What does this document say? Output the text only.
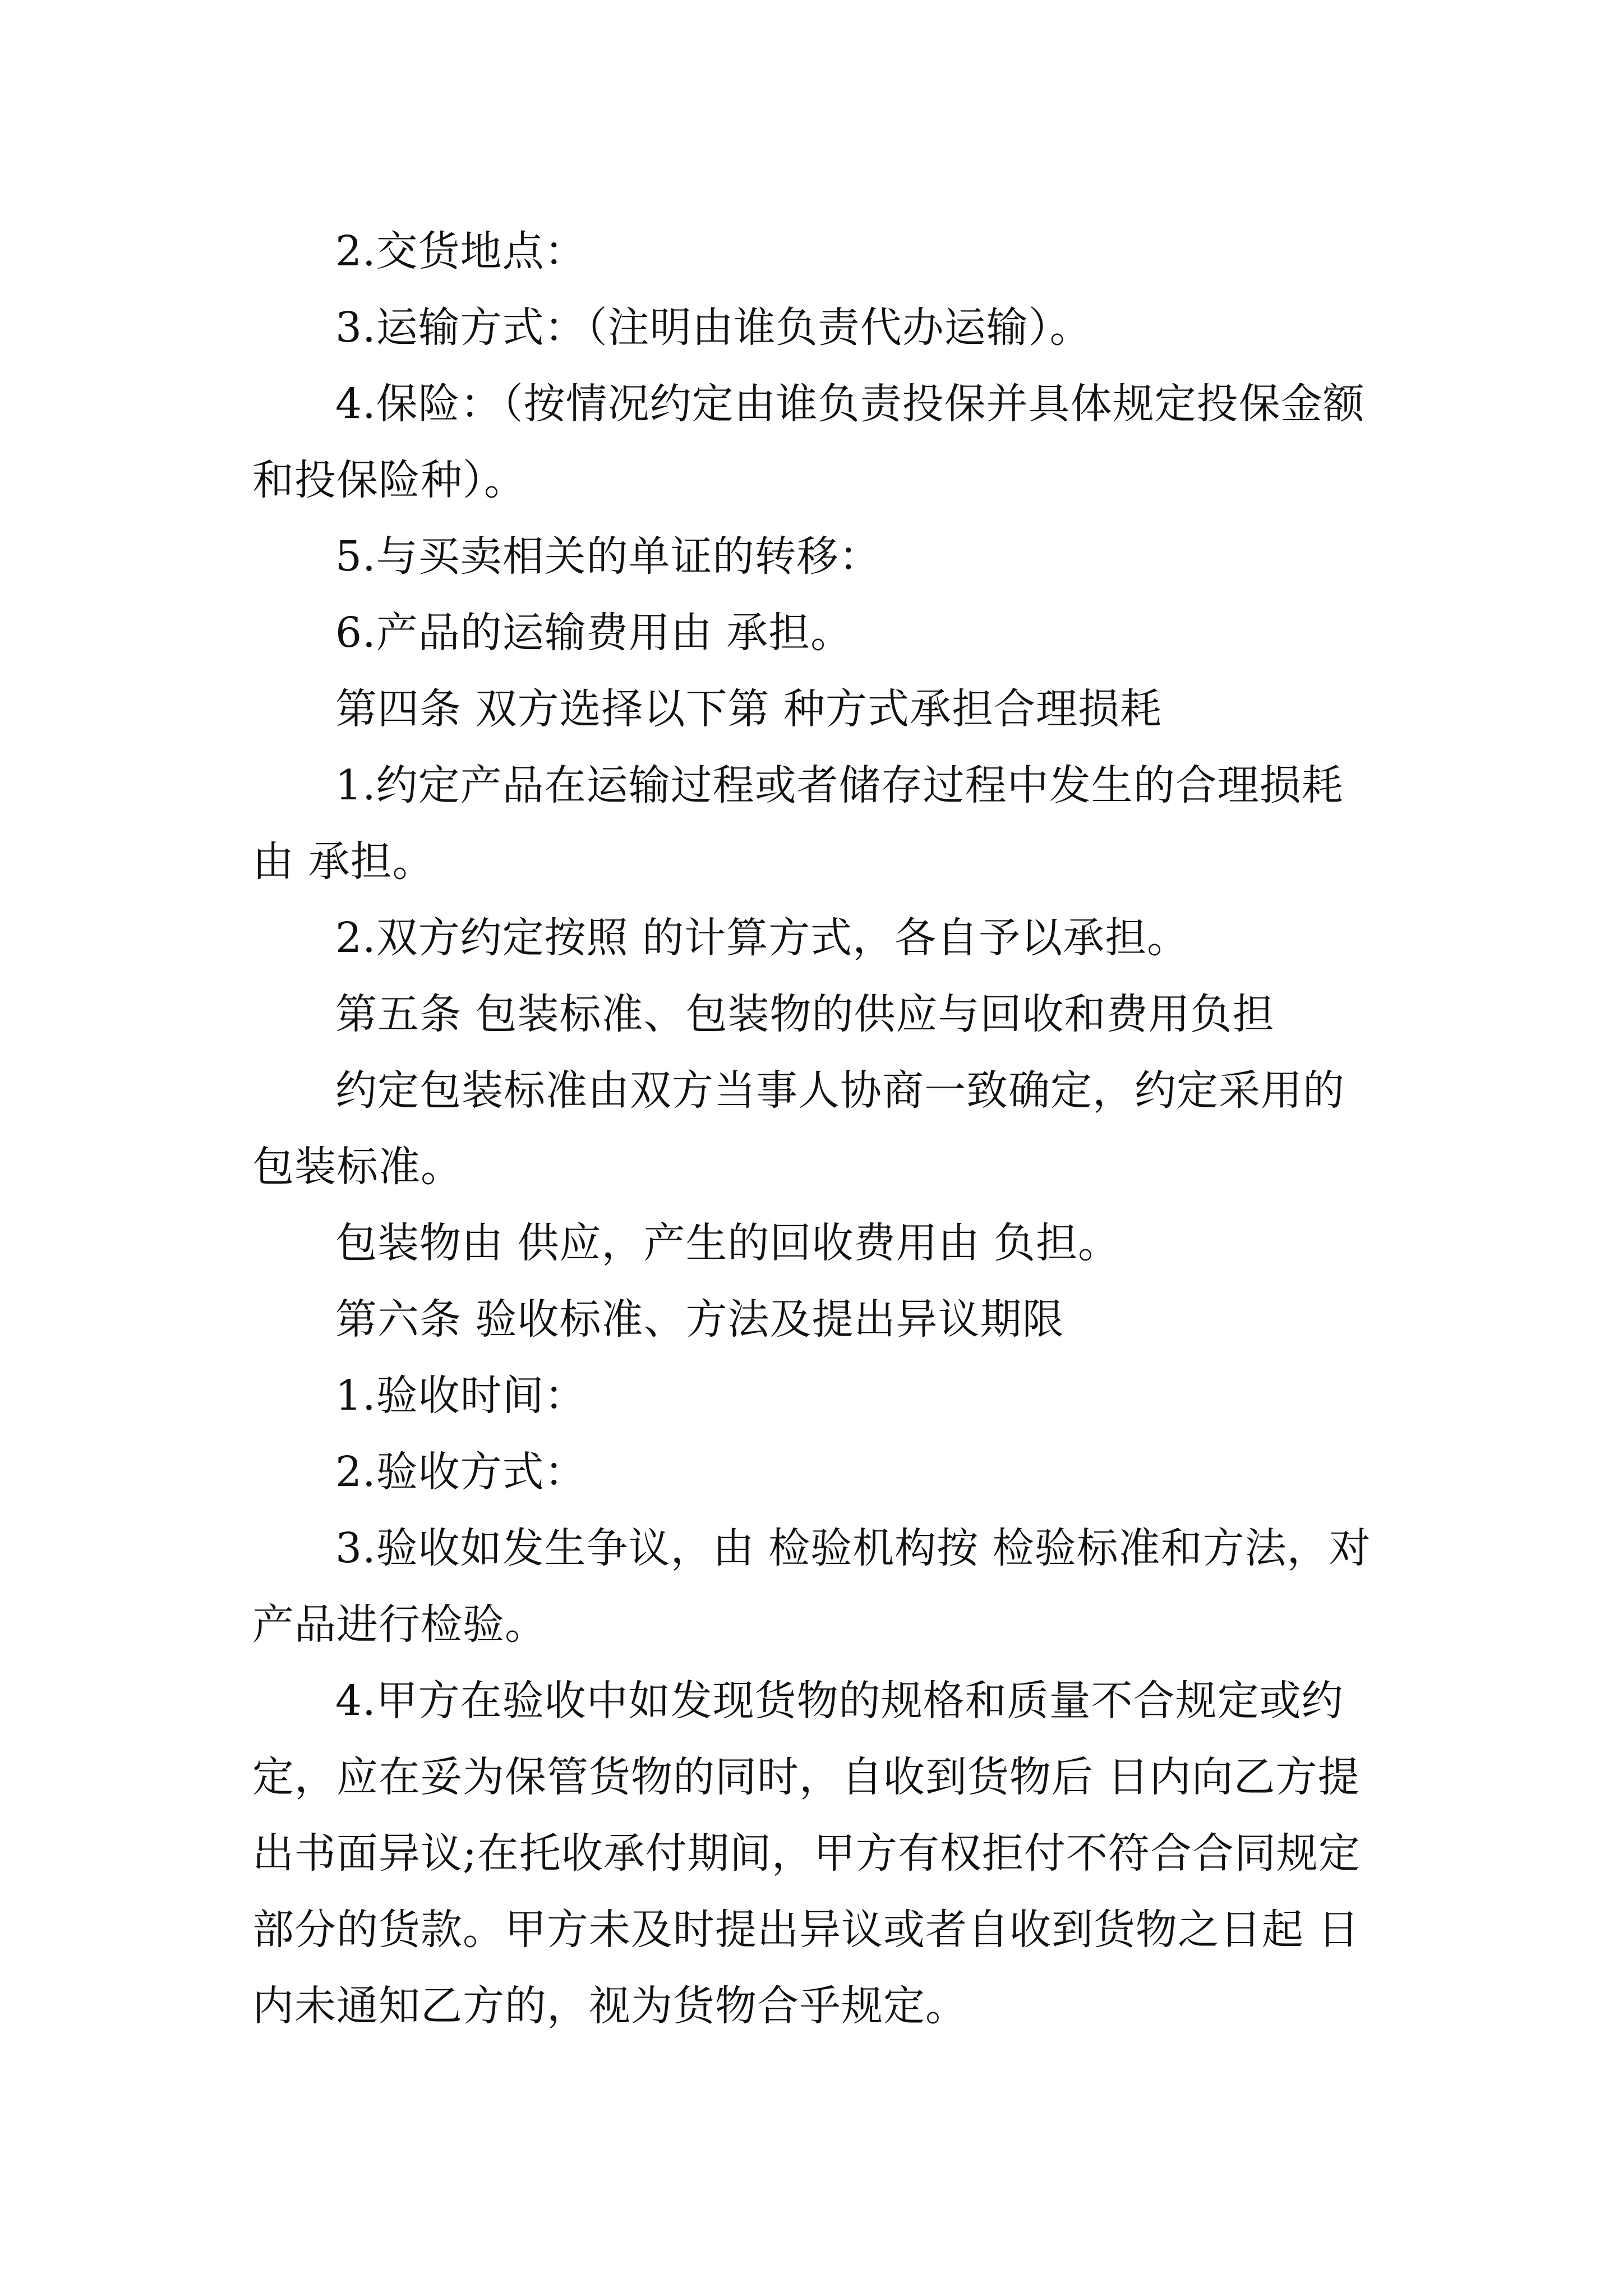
2.交货地点：

3.运输方式：（注明由谁负责代办运输）。

4.保险：（按情况约定由谁负责投保并具体规定投保金额和投保险种）。

5.与买卖相关的单证的转移：

6.产品的运输费用由 承担。

第四条 双方选择以下第 种方式承担合理损耗

1.约定产品在运输过程或者储存过程中发生的合理损耗由 承担。

2.双方约定按照 的计算方式，各自予以承担。

第五条 包装标准、包装物的供应与回收和费用负担

约定包装标准由双方当事人协商一致确定，约定采用的包装标准。

包装物由 供应，产生的回收费用由 负担。

第六条 验收标准、方法及提出异议期限

1.验收时间：

2.验收方式：

3.验收如发生争议，由 检验机构按 检验标准和方法，对产品进行检验。

4.甲方在验收中如发现货物的规格和质量不合规定或约定，应在妥为保管货物的同时，自收到货物后 日内向乙方提出书面异议;在托收承付期间，甲方有权拒付不符合合同规定部分的货款。甲方未及时提出异议或者自收到货物之日起 日内未通知乙方的，视为货物合乎规定。
